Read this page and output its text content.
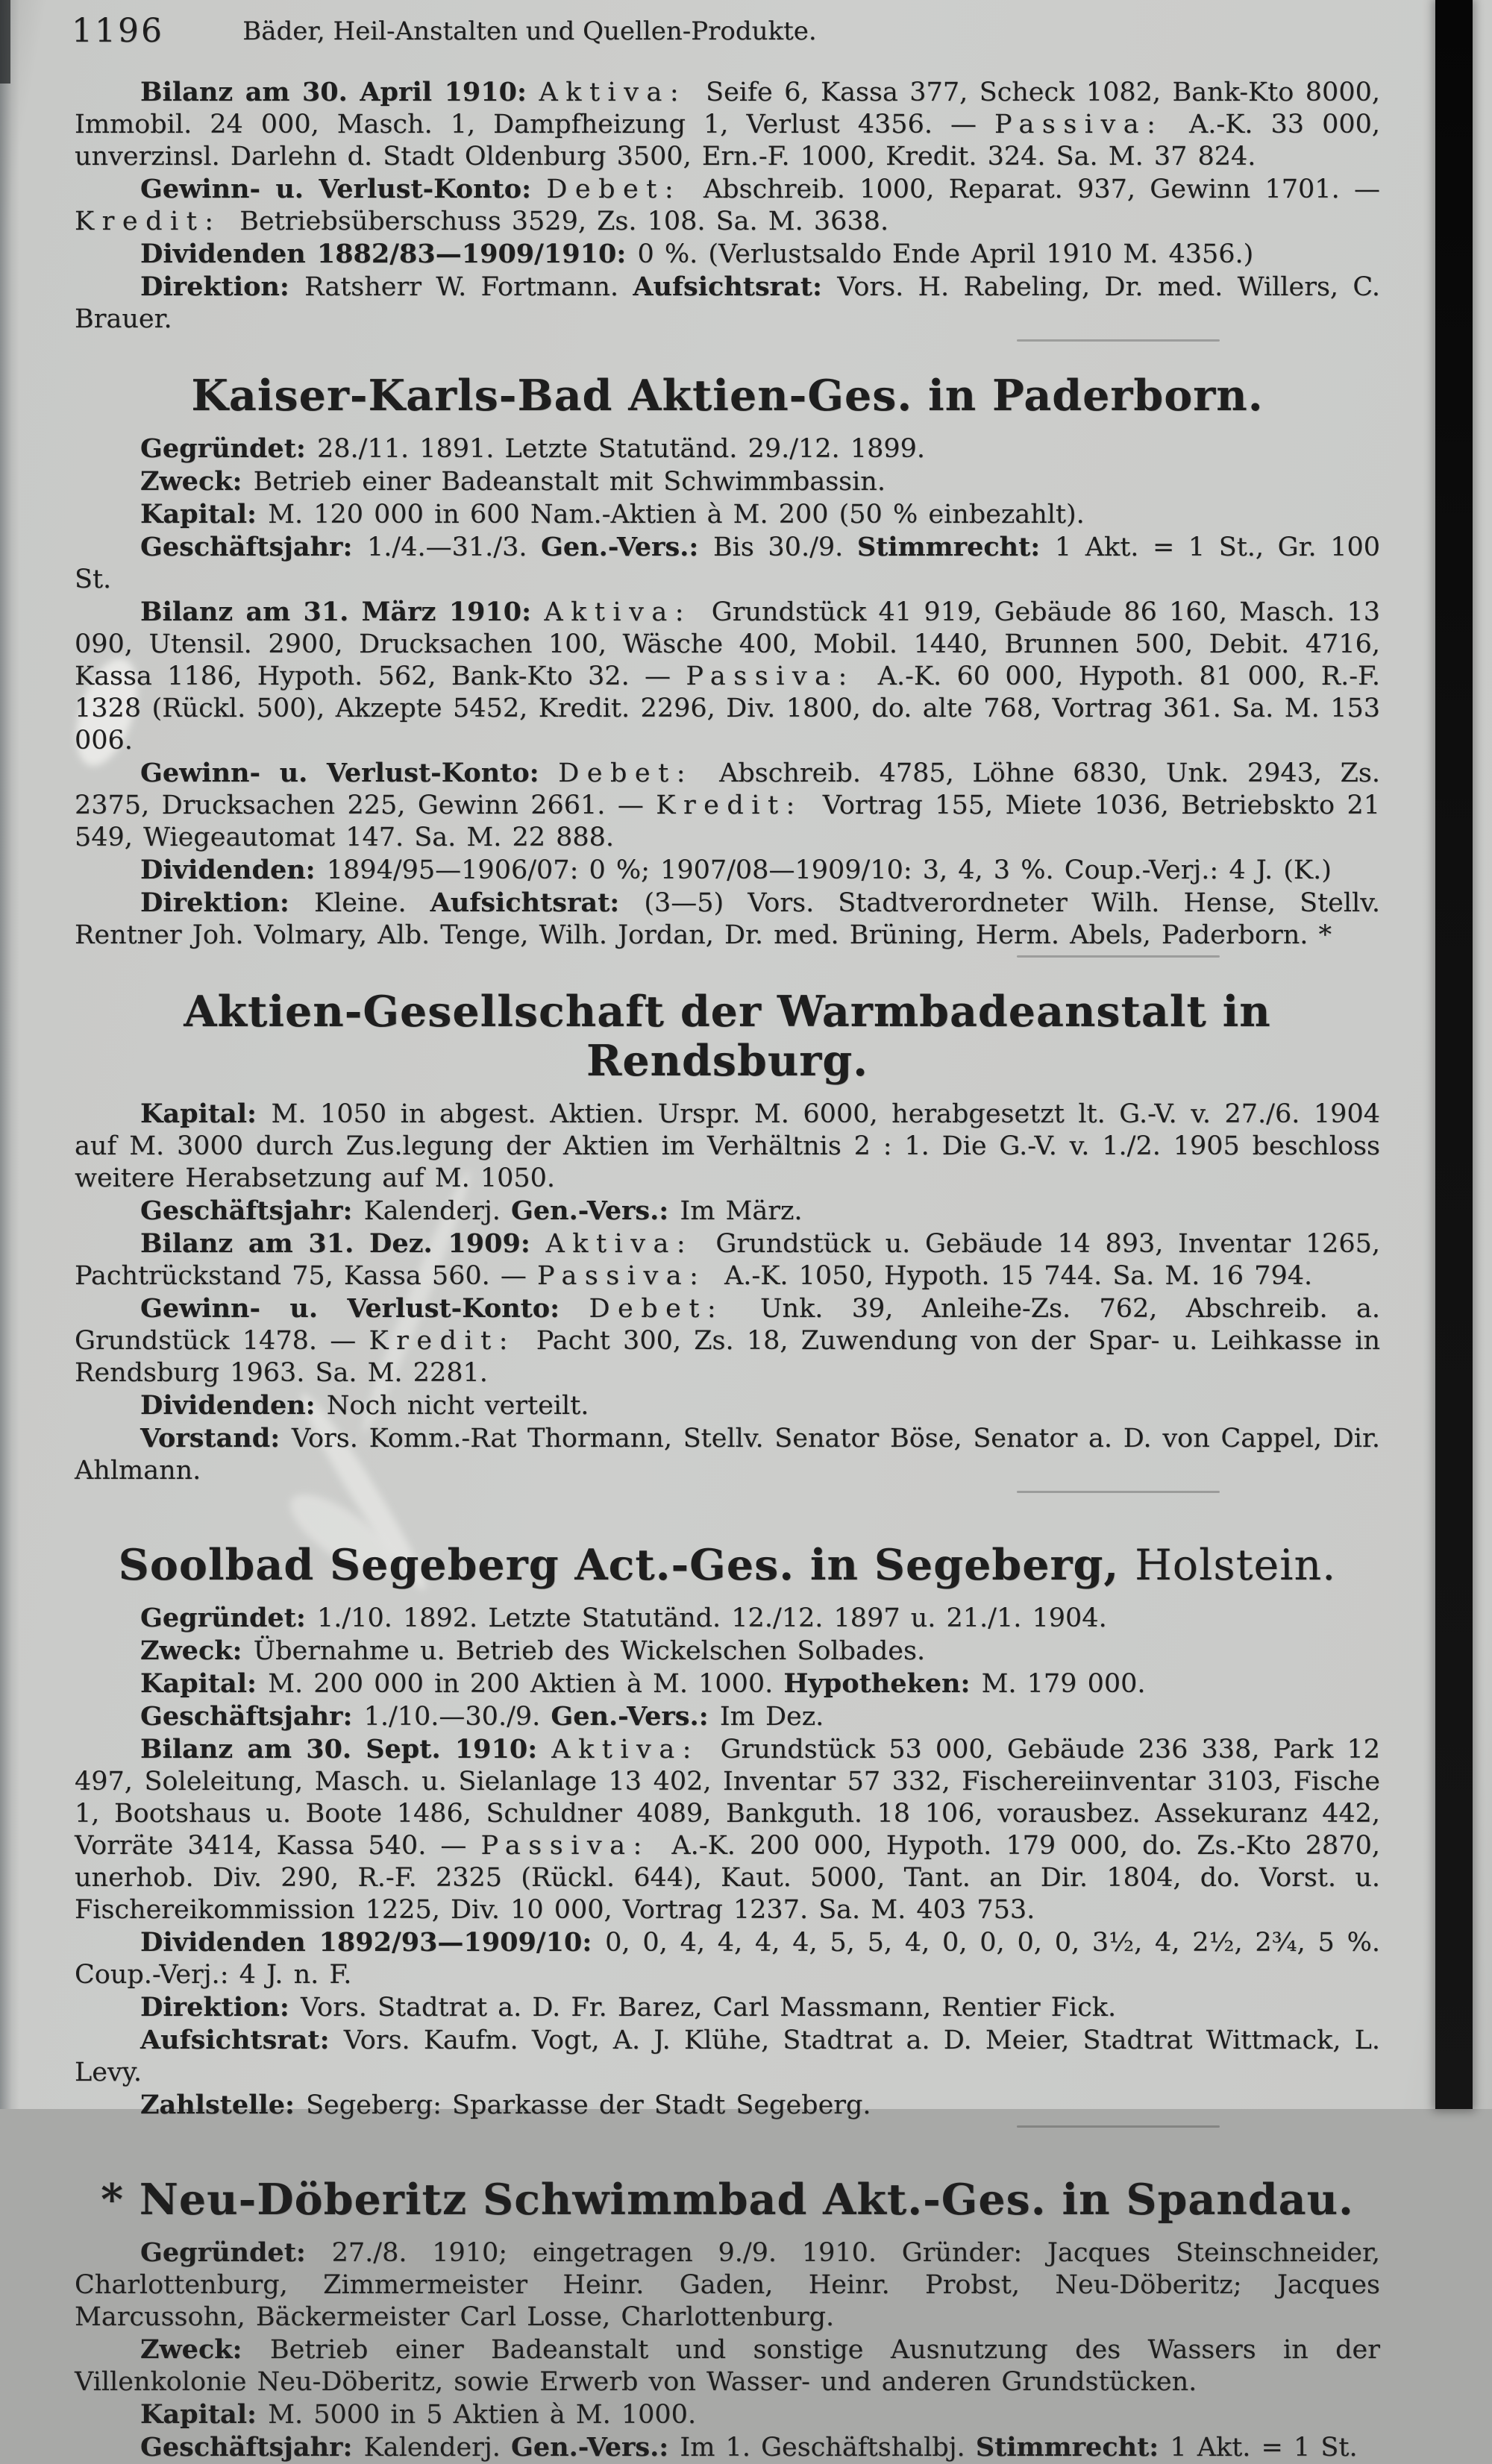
1196	Bäder, Heil-Anstalten und Quellen-Produkte.

Bilanz am 30. April 1910: Aktiva: Seife 6, Kassa 377, Scheck 1082, Bank-Kto 8000, Immobil. 24 000, Masch. 1, Dampfheizung 1, Verlust 4356. — Passiva: A.-K. 33 000, unverzinsl. Darlehn d. Stadt Oldenburg 3500, Ern.-F. 1000, Kredit. 324. Sa. M. 37 824.

Gewinn- u. Verlust-Konto: Debet: Abschreib. 1000, Reparat. 937, Gewinn 1701. — Kredit: Betriebsüberschuss 3529, Zs. 108. Sa. M. 3638.

Dividenden 1882/83—1909/1910: 0 %. (Verlustsaldo Ende April 1910 M. 4356.)

Direktion: Ratsherr W. Fortmann. Aufsichtsrat: Vors. H. Rabeling, Dr. med. Willers, C. Brauer.

Kaiser-Karls-Bad Aktien-Ges. in Paderborn.

Gegründet: 28./11. 1891. Letzte Statutänd. 29./12. 1899.

Zweck: Betrieb einer Badeanstalt mit Schwimmbassin.

Kapital: M. 120 000 in 600 Nam.-Aktien à M. 200 (50 % einbezahlt).

Geschäftsjahr: 1./4.—31./3. Gen.-Vers.: Bis 30./9. Stimmrecht: 1 Akt. = 1 St., Gr. 100 St.

Bilanz am 31. März 1910: Aktiva: Grundstück 41 919, Gebäude 86 160, Masch. 13 090, Utensil. 2900, Drucksachen 100, Wäsche 400, Mobil. 1440, Brunnen 500, Debit. 4716, Kassa 1186, Hypoth. 562, Bank-Kto 32. — Passiva: A.-K. 60 000, Hypoth. 81 000, R.-F. 1328 (Rückl. 500), Akzepte 5452, Kredit. 2296, Div. 1800, do. alte 768, Vortrag 361. Sa. M. 153 006.

Gewinn- u. Verlust-Konto: Debet: Abschreib. 4785, Löhne 6830, Unk. 2943, Zs. 2375, Drucksachen 225, Gewinn 2661. — Kredit: Vortrag 155, Miete 1036, Betriebskto 21 549, Wiegeautomat 147. Sa. M. 22 888.

Dividenden: 1894/95—1906/07: 0 %; 1907/08—1909/10: 3, 4, 3 %. Coup.-Verj.: 4 J. (K.)

Direktion: Kleine. Aufsichtsrat: (3—5) Vors. Stadtverordneter Wilh. Hense, Stellv. Rentner Joh. Volmary, Alb. Tenge, Wilh. Jordan, Dr. med. Brüning, Herm. Abels, Paderborn. *

Aktien-Gesellschaft der Warmbadeanstalt in Rendsburg.

Kapital: M. 1050 in abgest. Aktien. Urspr. M. 6000, herabgesetzt lt. G.-V. v. 27./6. 1904 auf M. 3000 durch Zus.legung der Aktien im Verhältnis 2 : 1. Die G.-V. v. 1./2. 1905 beschloss weitere Herabsetzung auf M. 1050.

Geschäftsjahr: Kalenderj. Gen.-Vers.: Im März.

Bilanz am 31. Dez. 1909: Aktiva: Grundstück u. Gebäude 14 893, Inventar 1265, Pachtrückstand 75, Kassa 560. — Passiva: A.-K. 1050, Hypoth. 15 744. Sa. M. 16 794.

Gewinn- u. Verlust-Konto: Debet: Unk. 39, Anleihe-Zs. 762, Abschreib. a. Grundstück 1478. — Kredit: Pacht 300, Zs. 18, Zuwendung von der Spar- u. Leihkasse in Rendsburg 1963. Sa. M. 2281.

Dividenden: Noch nicht verteilt.

Vorstand: Vors. Komm.-Rat Thormann, Stellv. Senator Böse, Senator a. D. von Cappel, Dir. Ahlmann.

Soolbad Segeberg Act.-Ges. in Segeberg, Holstein.

Gegründet: 1./10. 1892. Letzte Statutänd. 12./12. 1897 u. 21./1. 1904.

Zweck: Übernahme u. Betrieb des Wickelschen Solbades.

Kapital: M. 200 000 in 200 Aktien à M. 1000. Hypotheken: M. 179 000.

Geschäftsjahr: 1./10.—30./9. Gen.-Vers.: Im Dez.

Bilanz am 30. Sept. 1910: Aktiva: Grundstück 53 000, Gebäude 236 338, Park 12 497, Soleleitung, Masch. u. Sielanlage 13 402, Inventar 57 332, Fischereiinventar 3103, Fische 1, Bootshaus u. Boote 1486, Schuldner 4089, Bankguth. 18 106, vorausbez. Assekuranz 442, Vorräte 3414, Kassa 540. — Passiva: A.-K. 200 000, Hypoth. 179 000, do. Zs.-Kto 2870, unerhob. Div. 290, R.-F. 2325 (Rückl. 644), Kaut. 5000, Tant. an Dir. 1804, do. Vorst. u. Fischereikommission 1225, Div. 10 000, Vortrag 1237. Sa. M. 403 753.

Dividenden 1892/93—1909/10: 0, 0, 4, 4, 4, 4, 5, 5, 4, 0, 0, 0, 0, 3½, 4, 2½, 2¾, 5 %. Coup.-Verj.: 4 J. n. F.

Direktion: Vors. Stadtrat a. D. Fr. Barez, Carl Massmann, Rentier Fick.

Aufsichtsrat: Vors. Kaufm. Vogt, A. J. Klühe, Stadtrat a. D. Meier, Stadtrat Wittmack, L. Levy.

Zahlstelle: Segeberg: Sparkasse der Stadt Segeberg.

* Neu-Döberitz Schwimmbad Akt.-Ges. in Spandau.

Gegründet: 27./8. 1910; eingetragen 9./9. 1910. Gründer: Jacques Steinschneider, Charlottenburg, Zimmermeister Heinr. Gaden, Heinr. Probst, Neu-Döberitz; Jacques Marcussohn, Bäckermeister Carl Losse, Charlottenburg.

Zweck: Betrieb einer Badeanstalt und sonstige Ausnutzung des Wassers in der Villenkolonie Neu-Döberitz, sowie Erwerb von Wasser- und anderen Grundstücken.

Kapital: M. 5000 in 5 Aktien à M. 1000.

Geschäftsjahr: Kalenderj. Gen.-Vers.: Im 1. Geschäftshalbj. Stimmrecht: 1 Akt. = 1 St.
